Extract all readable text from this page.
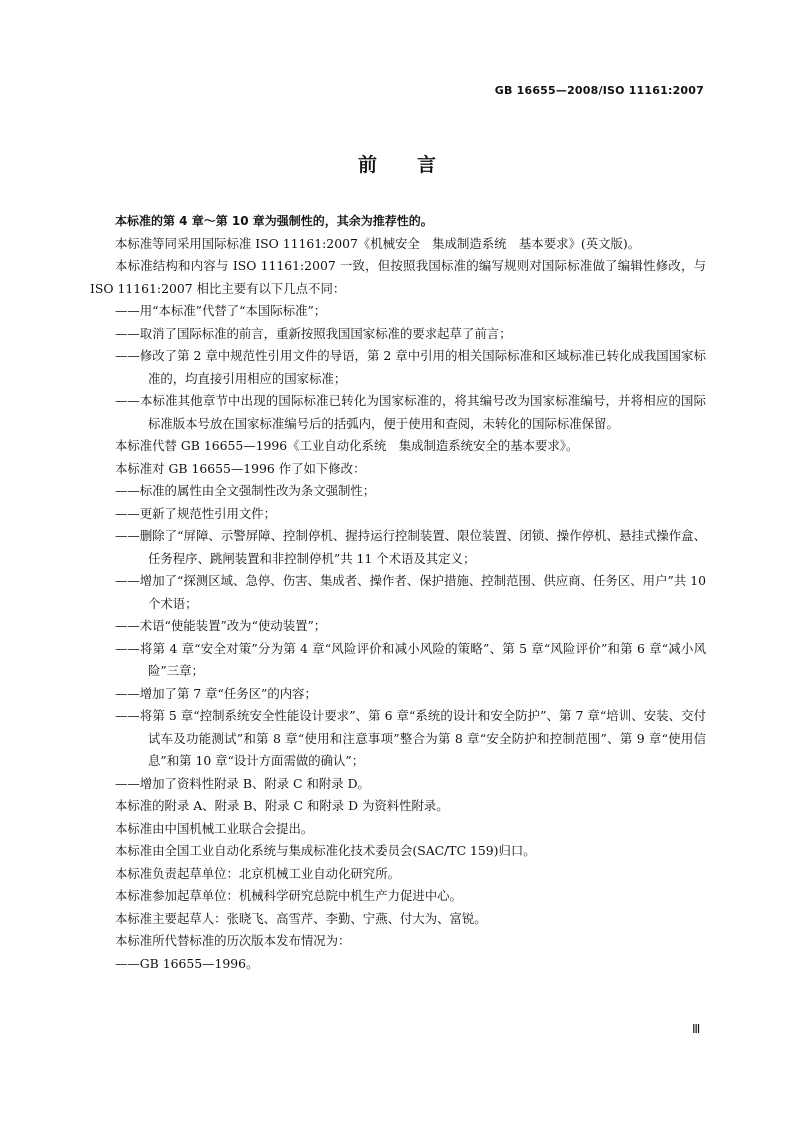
GB 16655—2008/ISO 11161:2007
前言

本标准的第 4 章～第 10 章为强制性的，其余为推荐性的。

本标准等同采用国际标准 ISO 11161:2007《机械安全　集成制造系统　基本要求》(英文版)。

本标准结构和内容与 ISO 11161:2007 一致，但按照我国标准的编写规则对国际标准做了编辑性修改，与 ISO 11161:2007 相比主要有以下几点不同：

——用“本标准”代替了“本国际标准”；

——取消了国际标准的前言，重新按照我国国家标准的要求起草了前言；

——修改了第 2 章中规范性引用文件的导语，第 2 章中引用的相关国际标准和区域标准已转化成我国国家标准的，均直接引用相应的国家标准；

——本标准其他章节中出现的国际标准已转化为国家标准的，将其编号改为国家标准编号，并将相应的国际标准版本号放在国家标准编号后的括弧内，便于使用和查阅，未转化的国际标准保留。

本标准代替 GB 16655—1996《工业自动化系统　集成制造系统安全的基本要求》。

本标准对 GB 16655—1996 作了如下修改：

——标准的属性由全文强制性改为条文强制性；

——更新了规范性引用文件；

——删除了“屏障、示警屏障、控制停机、握持运行控制装置、限位装置、闭锁、操作停机、悬挂式操作盒、任务程序、跳闸装置和非控制停机”共 11 个术语及其定义；

——增加了“探测区域、急停、伤害、集成者、操作者、保护措施、控制范围、供应商、任务区、用户”共 10 个术语；

——术语“使能装置”改为“使动装置”；

——将第 4 章“安全对策”分为第 4 章“风险评价和减小风险的策略”、第 5 章“风险评价”和第 6 章“减小风险”三章；

——增加了第 7 章“任务区”的内容；

——将第 5 章“控制系统安全性能设计要求”、第 6 章“系统的设计和安全防护”、第 7 章“培训、安装、交付试车及功能测试”和第 8 章“使用和注意事项”整合为第 8 章“安全防护和控制范围”、第 9 章“使用信息”和第 10 章“设计方面需做的确认”；

——增加了资料性附录 B、附录 C 和附录 D。

本标准的附录 A、附录 B、附录 C 和附录 D 为资料性附录。

本标准由中国机械工业联合会提出。

本标准由全国工业自动化系统与集成标准化技术委员会(SAC/TC 159)归口。

本标准负责起草单位：北京机械工业自动化研究所。

本标准参加起草单位：机械科学研究总院中机生产力促进中心。

本标准主要起草人：张晓飞、高雪芹、李勤、宁燕、付大为、富锐。

本标准所代替标准的历次版本发布情况为：

——GB 16655—1996。

Ⅲ
